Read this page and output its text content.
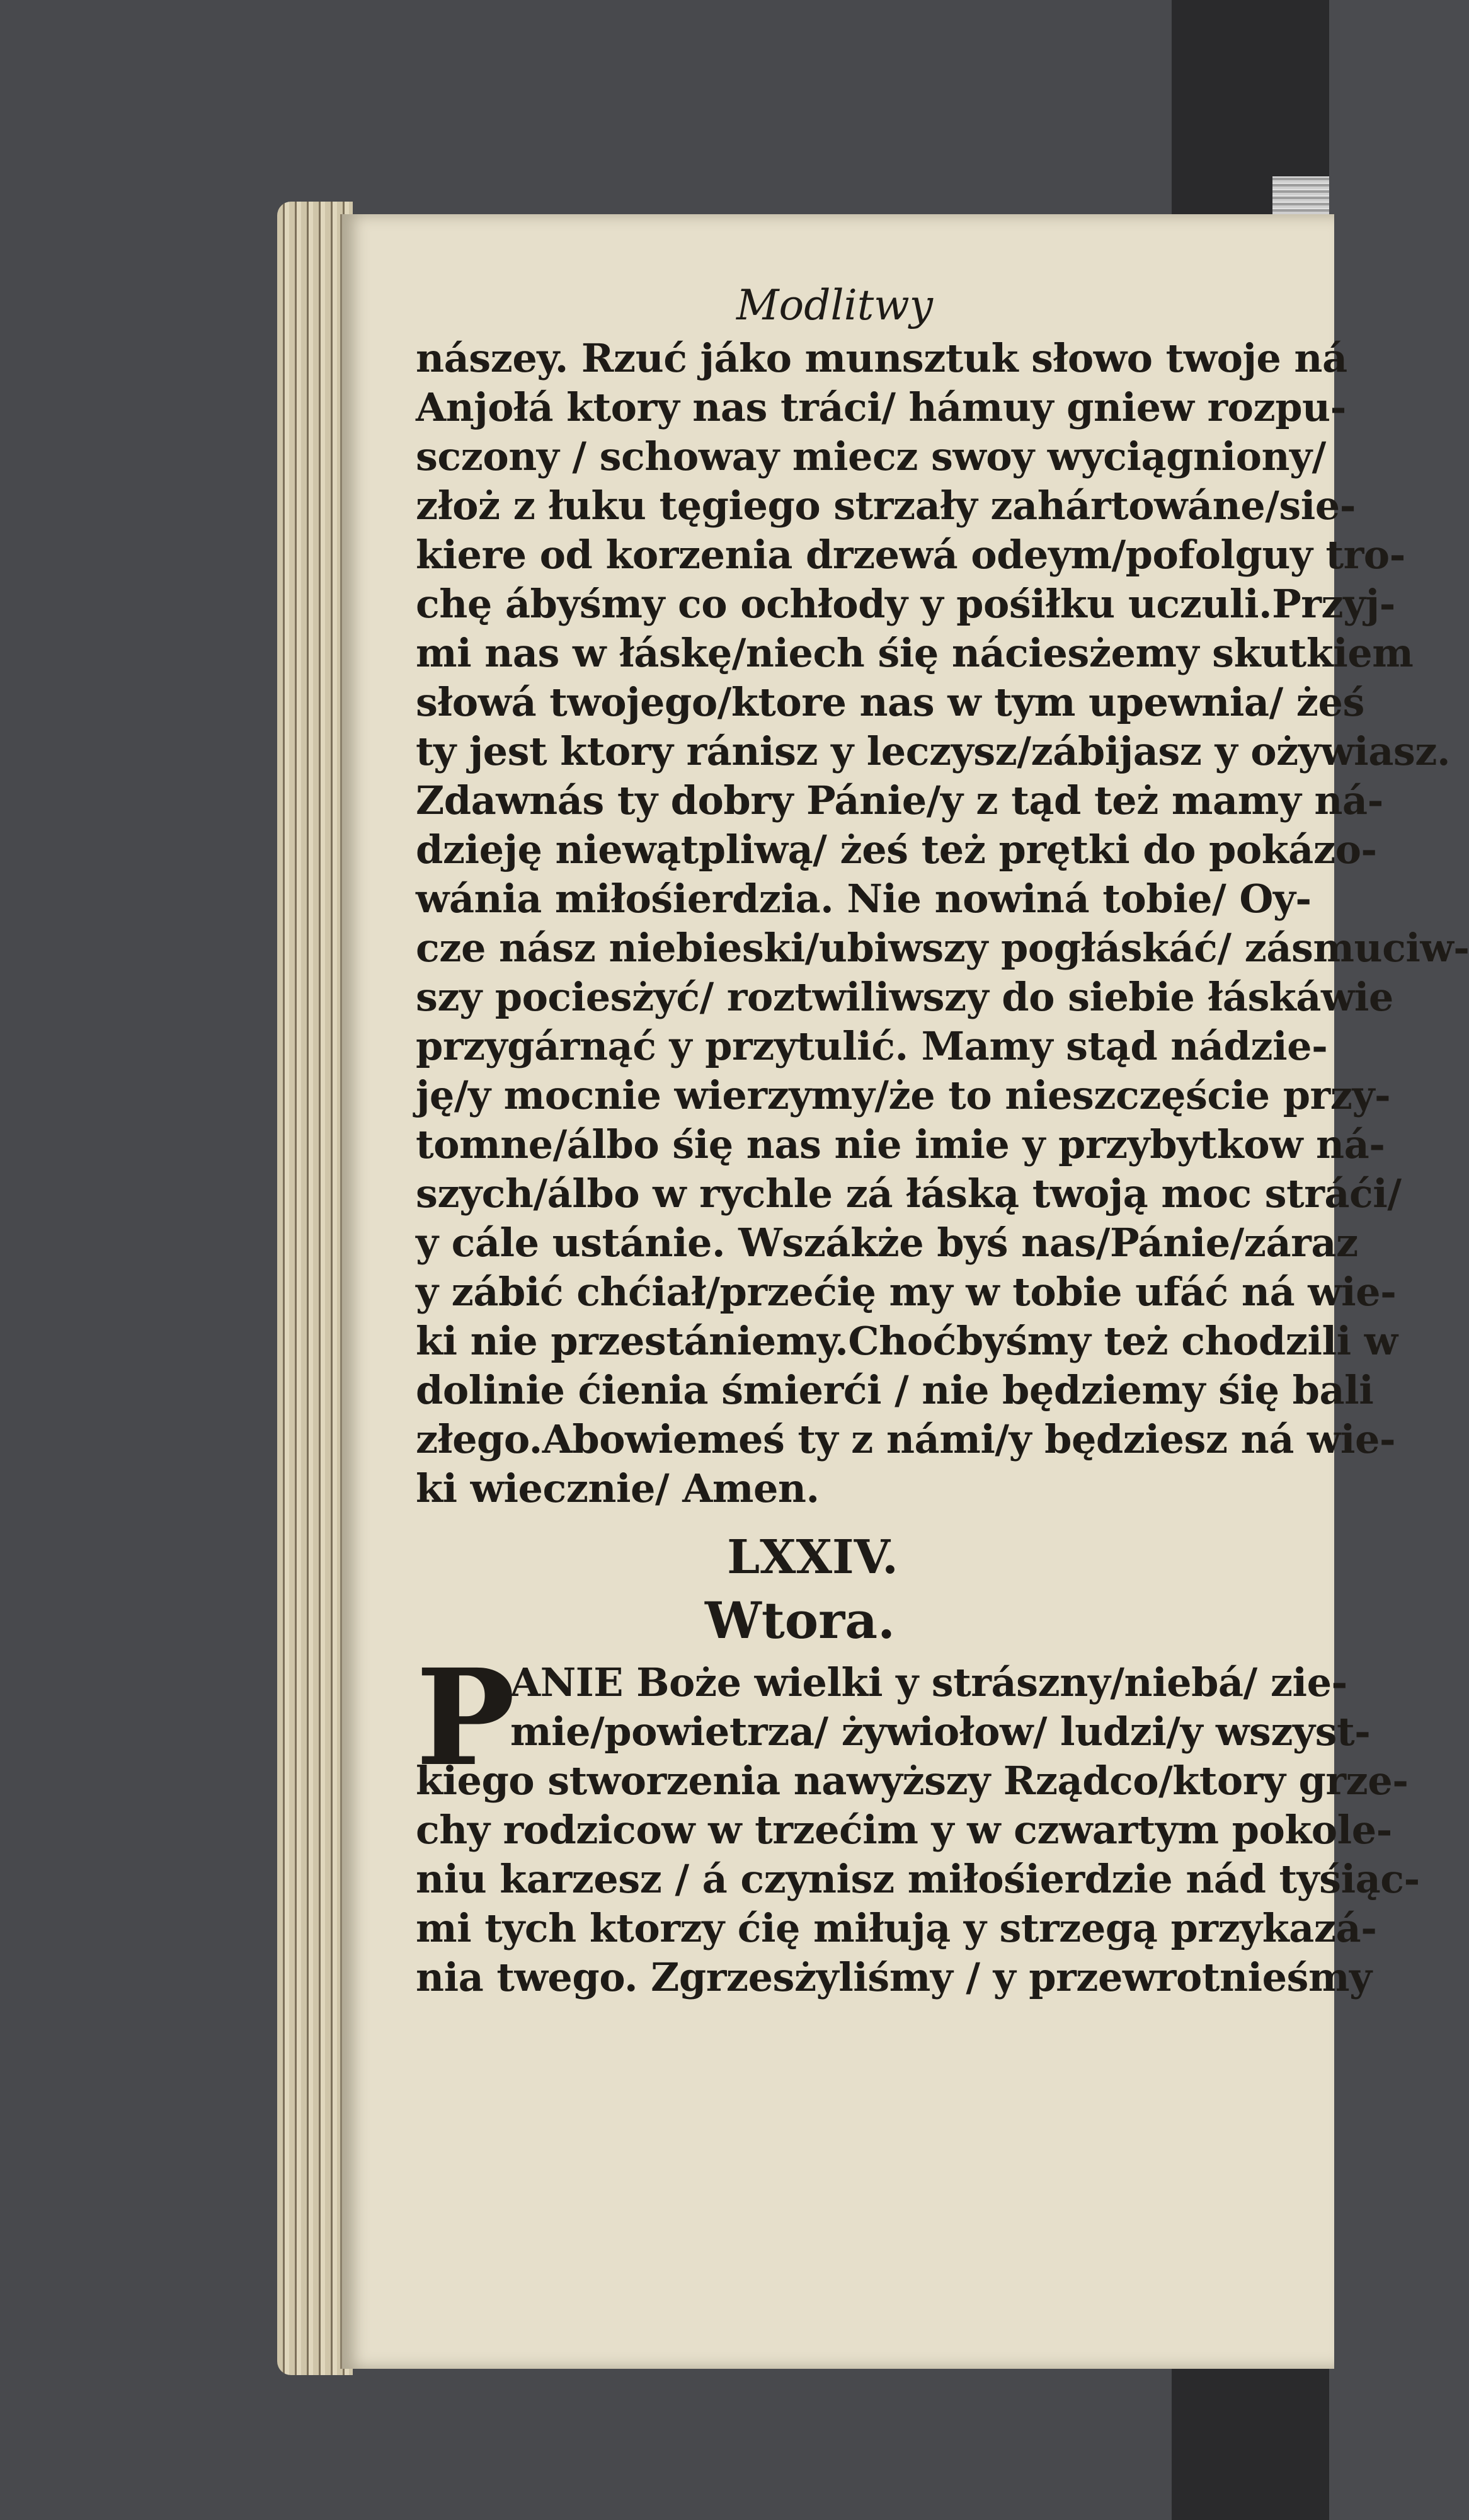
Modlitwy
nászey. Rzuć jáko munsztuk słowo twoje ná
Anjołá ktory nas tráci/ hámuy gniew rozpu-
sczony / schoway miecz swoy wyciągniony/
złoż z łuku tęgiego strzały zahártowáne/sie-
kiere od korzenia drzewá odeym/pofolguy tro-
chę ábyśmy co ochłody y pośiłku uczuli.Przyj-
mi nas w łáskę/niech śię náciesżemy skutkiem
słowá twojego/ktore nas w tym upewnia/ żeś
ty jest ktory ránisz y leczysz/zábijasz y ożywiasz.
Zdawnás ty dobry Pánie/y z tąd też mamy ná-
dzieję niewątpliwą/ żeś też prętki do pokázo-
wánia miłośierdzia. Nie nowiná tobie/ Oy-
cze nász niebieski/ubiwszy pogłáskáć/ zásmuciw-
szy pociesżyć/ roztwiliwszy do siebie łáskáwie
przygárnąć y przytulić. Mamy stąd nádzie-
ję/y mocnie wierzymy/że to nieszczęście przy-
tomne/álbo śię nas nie imie y przybytkow ná-
szych/álbo w rychle zá łáską twoją moc stráći/
y cále ustánie. Wszákże byś nas/Pánie/záraz
y zábić chćiał/przećię my w tobie ufáć ná wie-
ki nie przestániemy.Choćbyśmy też chodzili w
dolinie ćienia śmierći / nie będziemy śię bali
złego.Abowiemeś ty z námi/y będziesz ná wie-
ki wiecznie/ Amen.
LXXIV.
Wtora.
P
ANIE Boże wielki y strászny/niebá/ zie-
mie/powietrza/ żywiołow/ ludzi/y wszyst-
kiego stworzenia nawyższy Rządco/ktory grze-
chy rodzicow w trzećim y w czwartym pokole-
niu karzesz / á czynisz miłośierdzie nád tyśiąc-
mi tych ktorzy ćię miłują y strzegą przykazá-
nia twego. Zgrzesżyliśmy / y przewrotnieśmy
